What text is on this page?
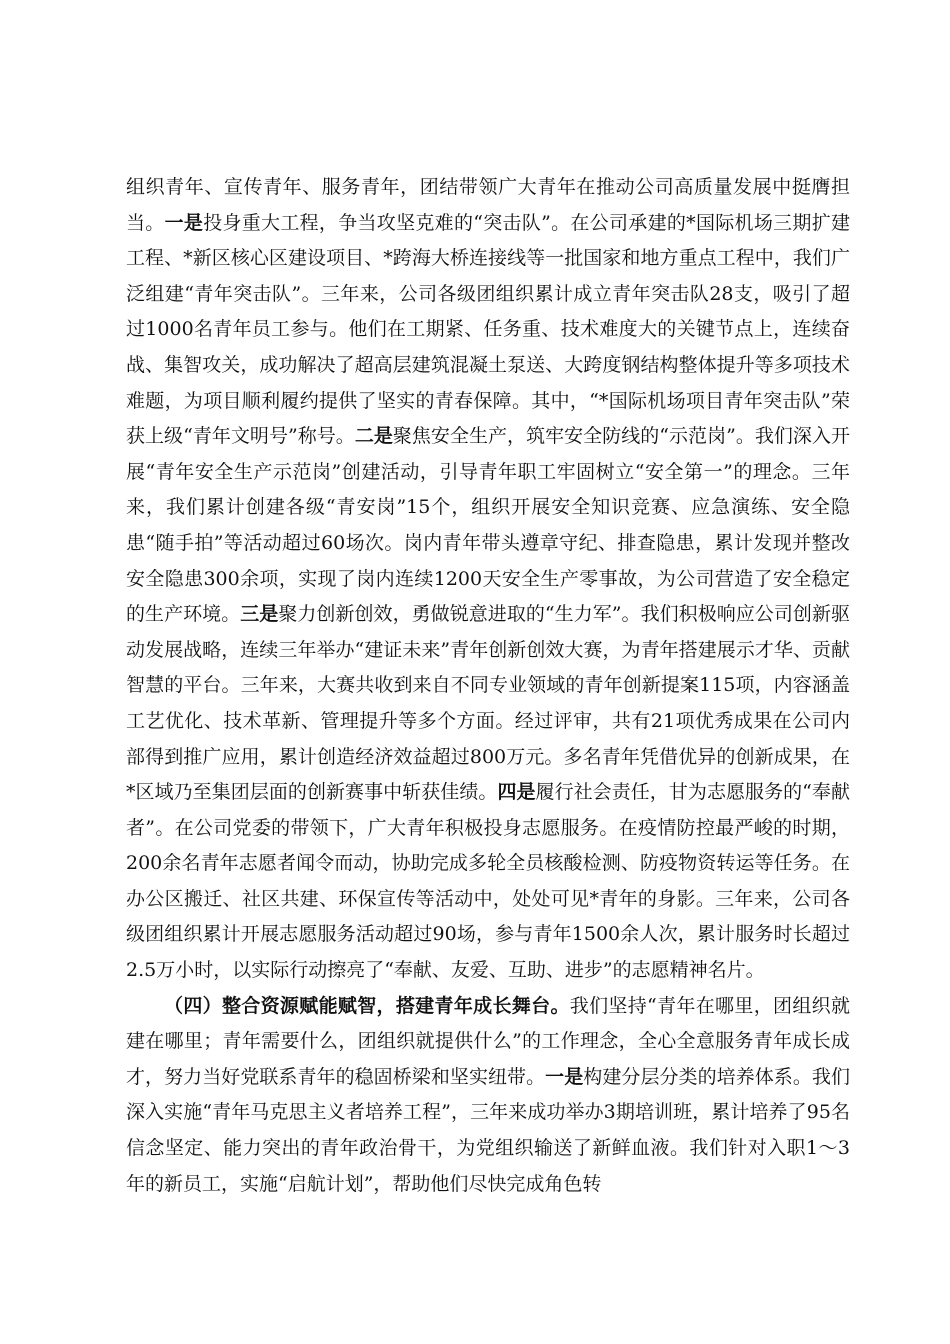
组织青年、宣传青年、服务青年，团结带领广大青年在推动公司高质量发展中挺膺担当。一是投身重大工程，争当攻坚克难的“突击队”。在公司承建的*国际机场三期扩建工程、*新区核心区建设项目、*跨海大桥连接线等一批国家和地方重点工程中，我们广泛组建“青年突击队”。三年来，公司各级团组织累计成立青年突击队28支，吸引了超过1000名青年员工参与。他们在工期紧、任务重、技术难度大的关键节点上，连续奋战、集智攻关，成功解决了超高层建筑混凝土泵送、大跨度钢结构整体提升等多项技术难题，为项目顺利履约提供了坚实的青春保障。其中，“*国际机场项目青年突击队”荣获上级“青年文明号”称号。二是聚焦安全生产，筑牢安全防线的“示范岗”。我们深入开展“青年安全生产示范岗”创建活动，引导青年职工牢固树立“安全第一”的理念。三年来，我们累计创建各级“青安岗”15个，组织开展安全知识竞赛、应急演练、安全隐患“随手拍”等活动超过60场次。岗内青年带头遵章守纪、排查隐患，累计发现并整改安全隐患300余项，实现了岗内连续1200天安全生产零事故，为公司营造了安全稳定的生产环境。三是聚力创新创效，勇做锐意进取的“生力军”。我们积极响应公司创新驱动发展战略，连续三年举办“建证未来”青年创新创效大赛，为青年搭建展示才华、贡献智慧的平台。三年来，大赛共收到来自不同专业领域的青年创新提案115项，内容涵盖工艺优化、技术革新、管理提升等多个方面。经过评审，共有21项优秀成果在公司内部得到推广应用，累计创造经济效益超过800万元。多名青年凭借优异的创新成果，在*区域乃至集团层面的创新赛事中斩获佳绩。四是履行社会责任，甘为志愿服务的“奉献者”。在公司党委的带领下，广大青年积极投身志愿服务。在疫情防控最严峻的时期，200余名青年志愿者闻令而动，协助完成多轮全员核酸检测、防疫物资转运等任务。在办公区搬迁、社区共建、环保宣传等活动中，处处可见*青年的身影。三年来，公司各级团组织累计开展志愿服务活动超过90场，参与青年1500余人次，累计服务时长超过2.5万小时，以实际行动擦亮了“奉献、友爱、互助、进步”的志愿精神名片。

（四）整合资源赋能赋智，搭建青年成长舞台。我们坚持“青年在哪里，团组织就建在哪里；青年需要什么，团组织就提供什么”的工作理念，全心全意服务青年成长成才，努力当好党联系青年的稳固桥梁和坚实纽带。一是构建分层分类的培养体系。我们深入实施“青年马克思主义者培养工程”，三年来成功举办3期培训班，累计培养了95名信念坚定、能力突出的青年政治骨干，为党组织输送了新鲜血液。我们针对入职1～3年的新员工，实施“启航计划”，帮助他们尽快完成角色转
